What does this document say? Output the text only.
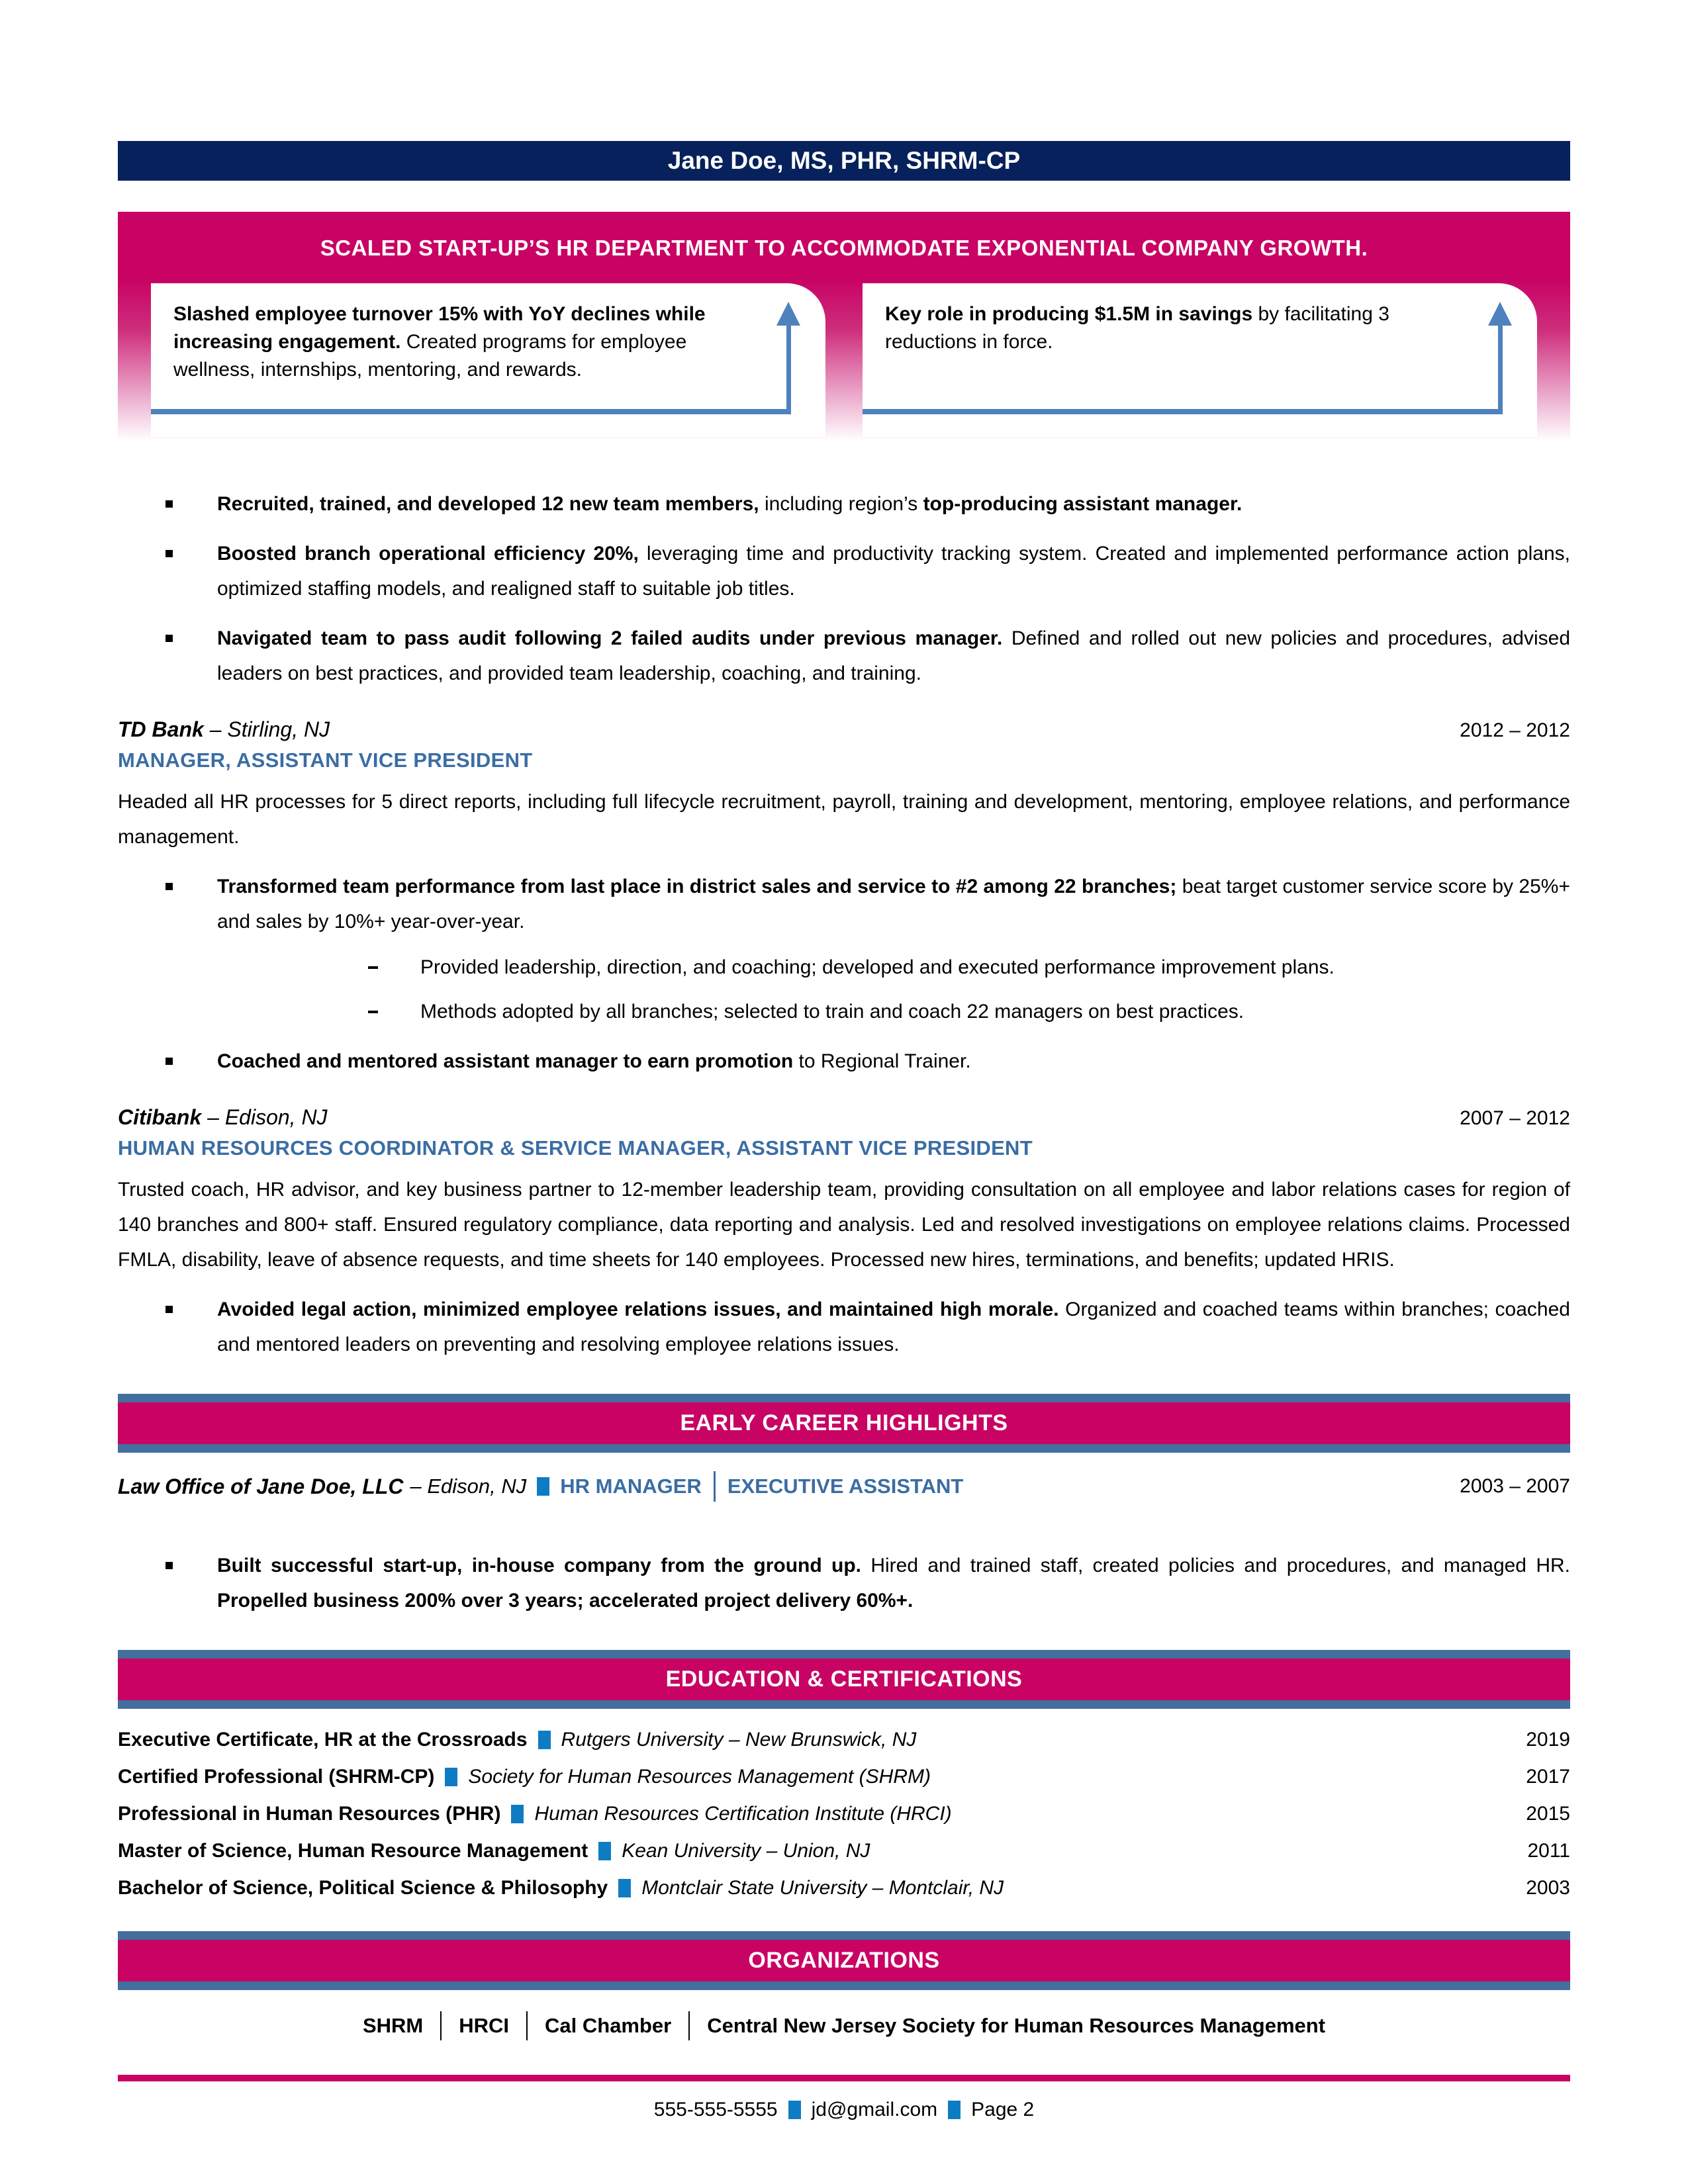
Jane Doe, MS, PHR, SHRM-CP
SCALED START-UP’S HR DEPARTMENT TO ACCOMMODATE EXPONENTIAL COMPANY GROWTH.
Slashed employee turnover 15% with YoY declines while increasing engagement. Created programs for employee wellness, internships, mentoring, and rewards.
Key role in producing $1.5M in savings by facilitating 3 reductions in force.
Recruited, trained, and developed 12 new team members, including region’s top-producing assistant manager.
Boosted branch operational efficiency 20%, leveraging time and productivity tracking system. Created and implemented performance action plans, optimized staffing models, and realigned staff to suitable job titles.
Navigated team to pass audit following 2 failed audits under previous manager. Defined and rolled out new policies and procedures, advised leaders on best practices, and provided team leadership, coaching, and training.
TD Bank – Stirling, NJ	2012 – 2012
MANAGER, ASSISTANT VICE PRESIDENT

Headed all HR processes for 5 direct reports, including full lifecycle recruitment, payroll, training and development, mentoring, employee relations, and performance management.

Transformed team performance from last place in district sales and service to #2 among 22 branches; beat target customer service score by 25%+ and sales by 10%+ year-over-year.
Provided leadership, direction, and coaching; developed and executed performance improvement plans.
Methods adopted by all branches; selected to train and coach 22 managers on best practices.
Coached and mentored assistant manager to earn promotion to Regional Trainer.
Citibank – Edison, NJ	2007 – 2012
HUMAN RESOURCES COORDINATOR & SERVICE MANAGER, ASSISTANT VICE PRESIDENT

Trusted coach, HR advisor, and key business partner to 12-member leadership team, providing consultation on all employee and labor relations cases for region of 140 branches and 800+ staff. Ensured regulatory compliance, data reporting and analysis. Led and resolved investigations on employee relations claims. Processed FMLA, disability, leave of absence requests, and time sheets for 140 employees. Processed new hires, terminations, and benefits; updated HRIS.

Avoided legal action, minimized employee relations issues, and maintained high morale. Organized and coached teams within branches; coached and mentored leaders on preventing and resolving employee relations issues.
EARLY CAREER HIGHLIGHTS
Law Office of Jane Doe, LLC – Edison, NJ HR MANAGER EXECUTIVE ASSISTANT	2003 – 2007
Built successful start-up, in-house company from the ground up. Hired and trained staff, created policies and procedures, and managed HR. Propelled business 200% over 3 years; accelerated project delivery 60%+.
EDUCATION & CERTIFICATIONS
Executive Certificate, HR at the Crossroads Rutgers University – New Brunswick, NJ	2019
Certified Professional (SHRM-CP) Society for Human Resources Management (SHRM)	2017
Professional in Human Resources (PHR) Human Resources Certification Institute (HRCI)	2015
Master of Science, Human Resource Management Kean University – Union, NJ	2011
Bachelor of Science, Political Science & Philosophy Montclair State University – Montclair, NJ	2003
ORGANIZATIONS
SHRM HRCI Cal Chamber Central New Jersey Society for Human Resources Management
555-555-5555 jd@gmail.com Page 2
